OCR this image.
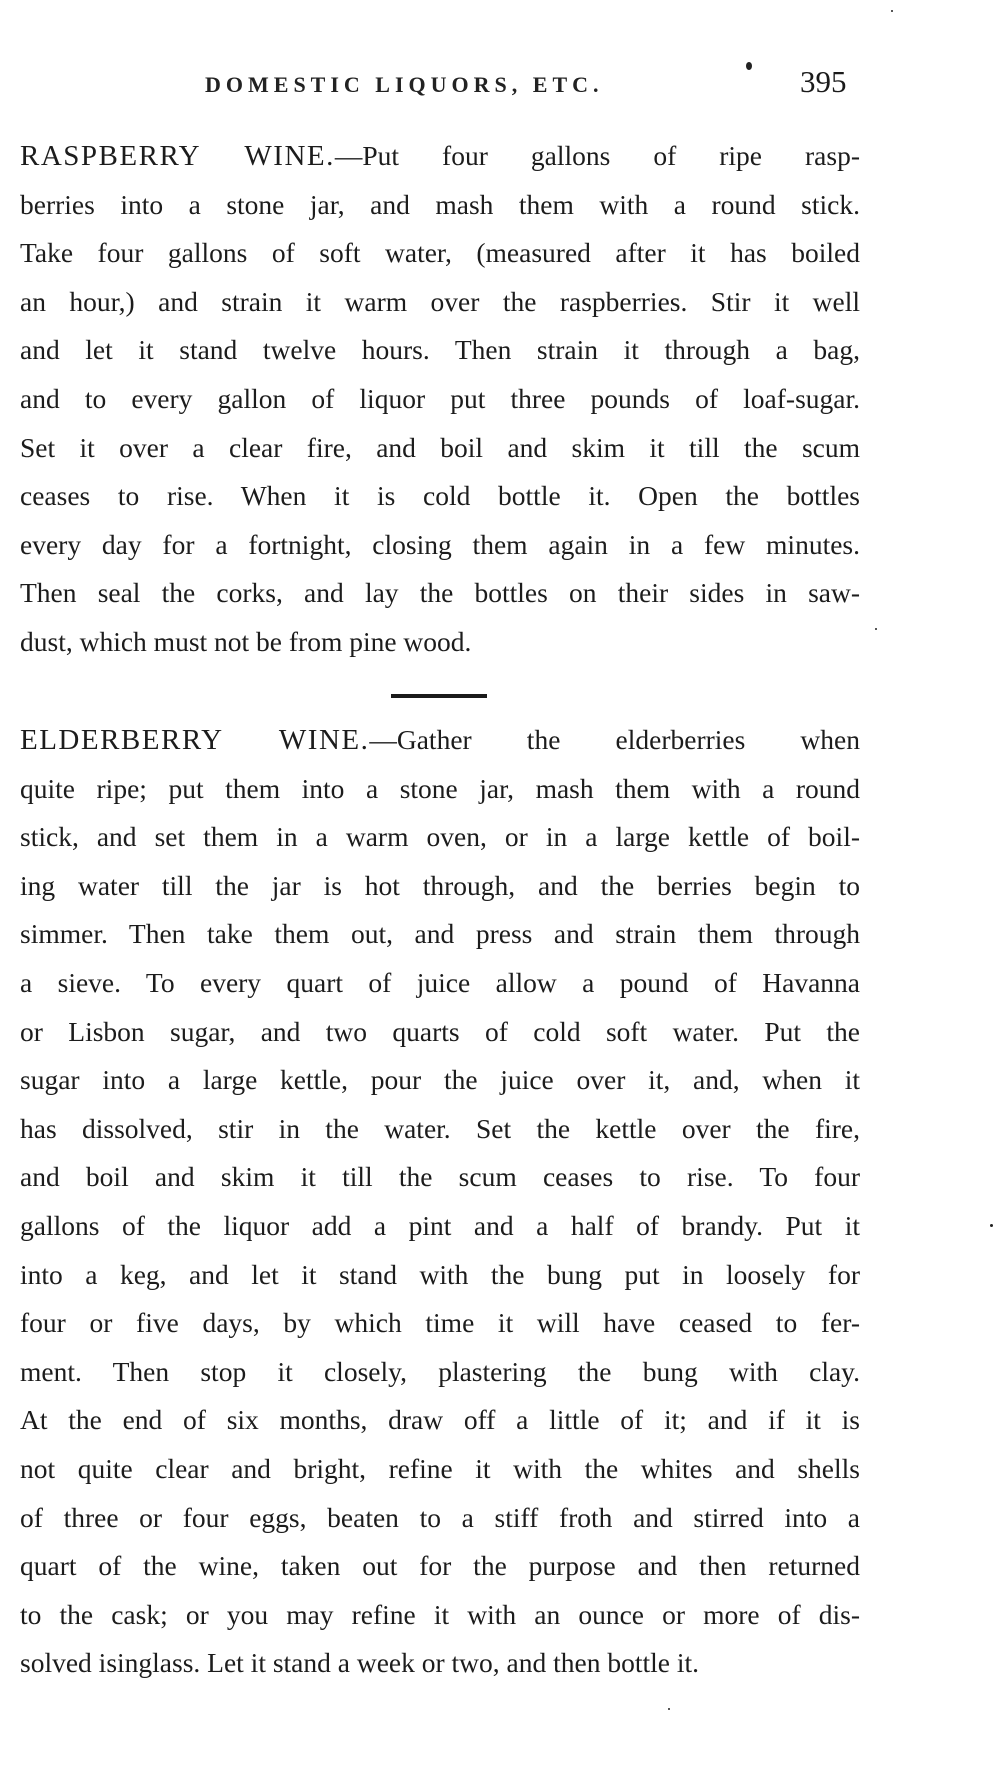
DOMESTIC LIQUORS, ETC.	395
RASPBERRY WINE.—Put four gallons of ripe rasp-
berries into a stone jar, and mash them with a round stick.
Take four gallons of soft water, (measured after it has boiled
an hour,) and strain it warm over the raspberries. Stir it well
and let it stand twelve hours. Then strain it through a bag,
and to every gallon of liquor put three pounds of loaf-sugar.
Set it over a clear fire, and boil and skim it till the scum
ceases to rise. When it is cold bottle it. Open the bottles
every day for a fortnight, closing them again in a few minutes.
Then seal the corks, and lay the bottles on their sides in saw-
dust, which must not be from pine wood.
ELDERBERRY WINE.—Gather the elderberries when
quite ripe; put them into a stone jar, mash them with a round
stick, and set them in a warm oven, or in a large kettle of boil-
ing water till the jar is hot through, and the berries begin to
simmer. Then take them out, and press and strain them through
a sieve. To every quart of juice allow a pound of Havanna
or Lisbon sugar, and two quarts of cold soft water. Put the
sugar into a large kettle, pour the juice over it, and, when it
has dissolved, stir in the water. Set the kettle over the fire,
and boil and skim it till the scum ceases to rise. To four
gallons of the liquor add a pint and a half of brandy. Put it
into a keg, and let it stand with the bung put in loosely for
four or five days, by which time it will have ceased to fer-
ment. Then stop it closely, plastering the bung with clay.
At the end of six months, draw off a little of it; and if it is
not quite clear and bright, refine it with the whites and shells
of three or four eggs, beaten to a stiff froth and stirred into a
quart of the wine, taken out for the purpose and then returned
to the cask; or you may refine it with an ounce or more of dis-
solved isinglass. Let it stand a week or two, and then bottle it.
